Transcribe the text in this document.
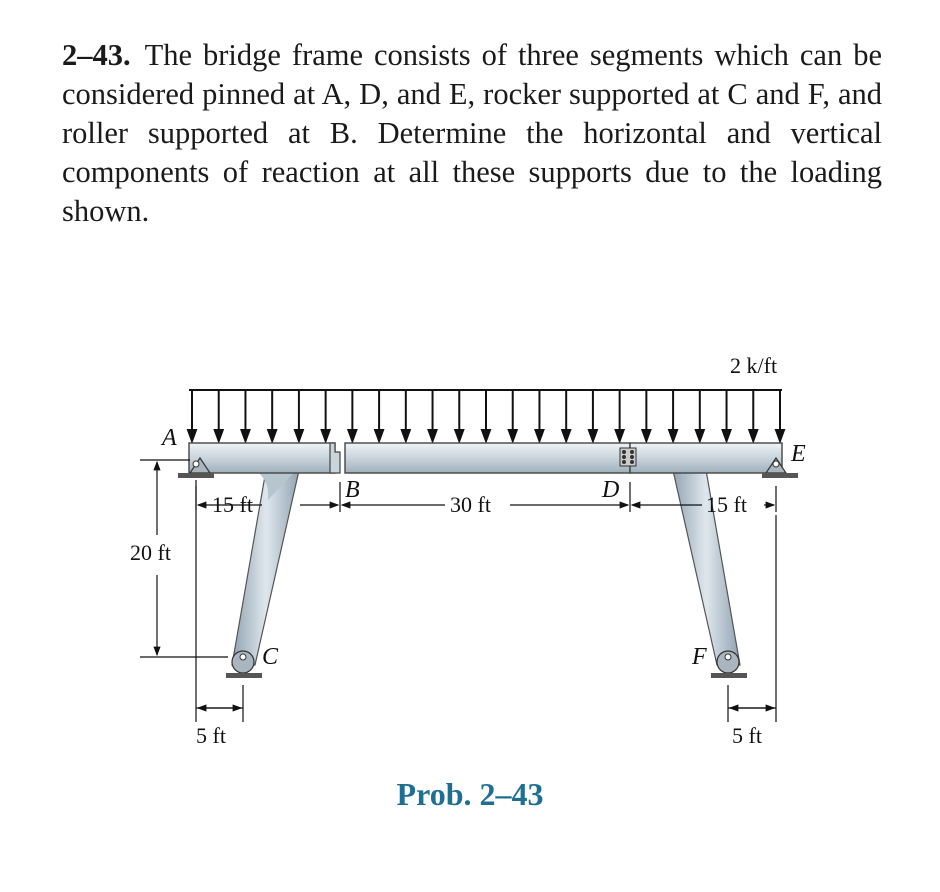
2–43. The bridge frame consists of three segments which can be considered pinned at A, D, and E, rocker supported at C and F, and roller supported at B. Determine the horizontal and vertical components of reaction at all these supports due to the loading shown.
2 k/ft
A
B
C
D
E
F
15 ft	30 ft	15 ft
20 ft
5 ft	5 ft
Prob. 2–43
